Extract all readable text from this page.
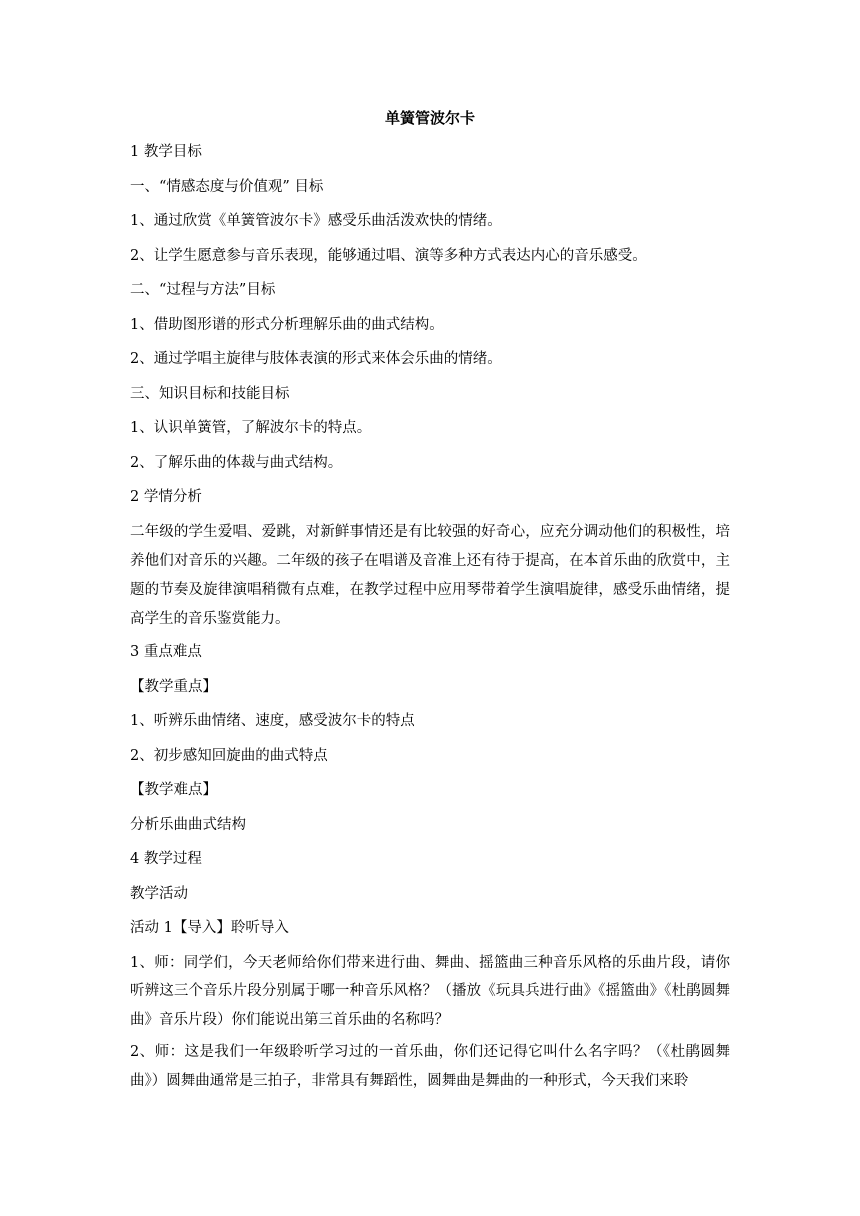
单簧管波尔卡
1 教学目标
一、“情感态度与价值观” 目标
1、通过欣赏《单簧管波尔卡》感受乐曲活泼欢快的情绪。
2、让学生愿意参与音乐表现，能够通过唱、演等多种方式表达内心的音乐感受。
二、“过程与方法”目标
1、借助图形谱的形式分析理解乐曲的曲式结构。
2、通过学唱主旋律与肢体表演的形式来体会乐曲的情绪。
三、知识目标和技能目标
1、认识单簧管，了解波尔卡的特点。
2、了解乐曲的体裁与曲式结构。
2 学情分析
二年级的学生爱唱、爱跳，对新鲜事情还是有比较强的好奇心，应充分调动他们的积极性，培养他们对音乐的兴趣。二年级的孩子在唱谱及音准上还有待于提高，在本首乐曲的欣赏中，主题的节奏及旋律演唱稍微有点难，在教学过程中应用琴带着学生演唱旋律，感受乐曲情绪，提高学生的音乐鉴赏能力。
3 重点难点
【教学重点】
1、听辨乐曲情绪、速度，感受波尔卡的特点
2、初步感知回旋曲的曲式特点
【教学难点】
分析乐曲曲式结构
4 教学过程
教学活动
活动 1【导入】聆听导入
1、师：同学们，今天老师给你们带来进行曲、舞曲、摇篮曲三种音乐风格的乐曲片段，请你听辨这三个音乐片段分别属于哪一种音乐风格？（播放《玩具兵进行曲》《摇篮曲》《杜鹃圆舞曲》音乐片段）你们能说出第三首乐曲的名称吗？
2、师：这是我们一年级聆听学习过的一首乐曲，你们还记得它叫什么名字吗？（《杜鹃圆舞曲》）圆舞曲通常是三拍子，非常具有舞蹈性，圆舞曲是舞曲的一种形式，今天我们来聆
